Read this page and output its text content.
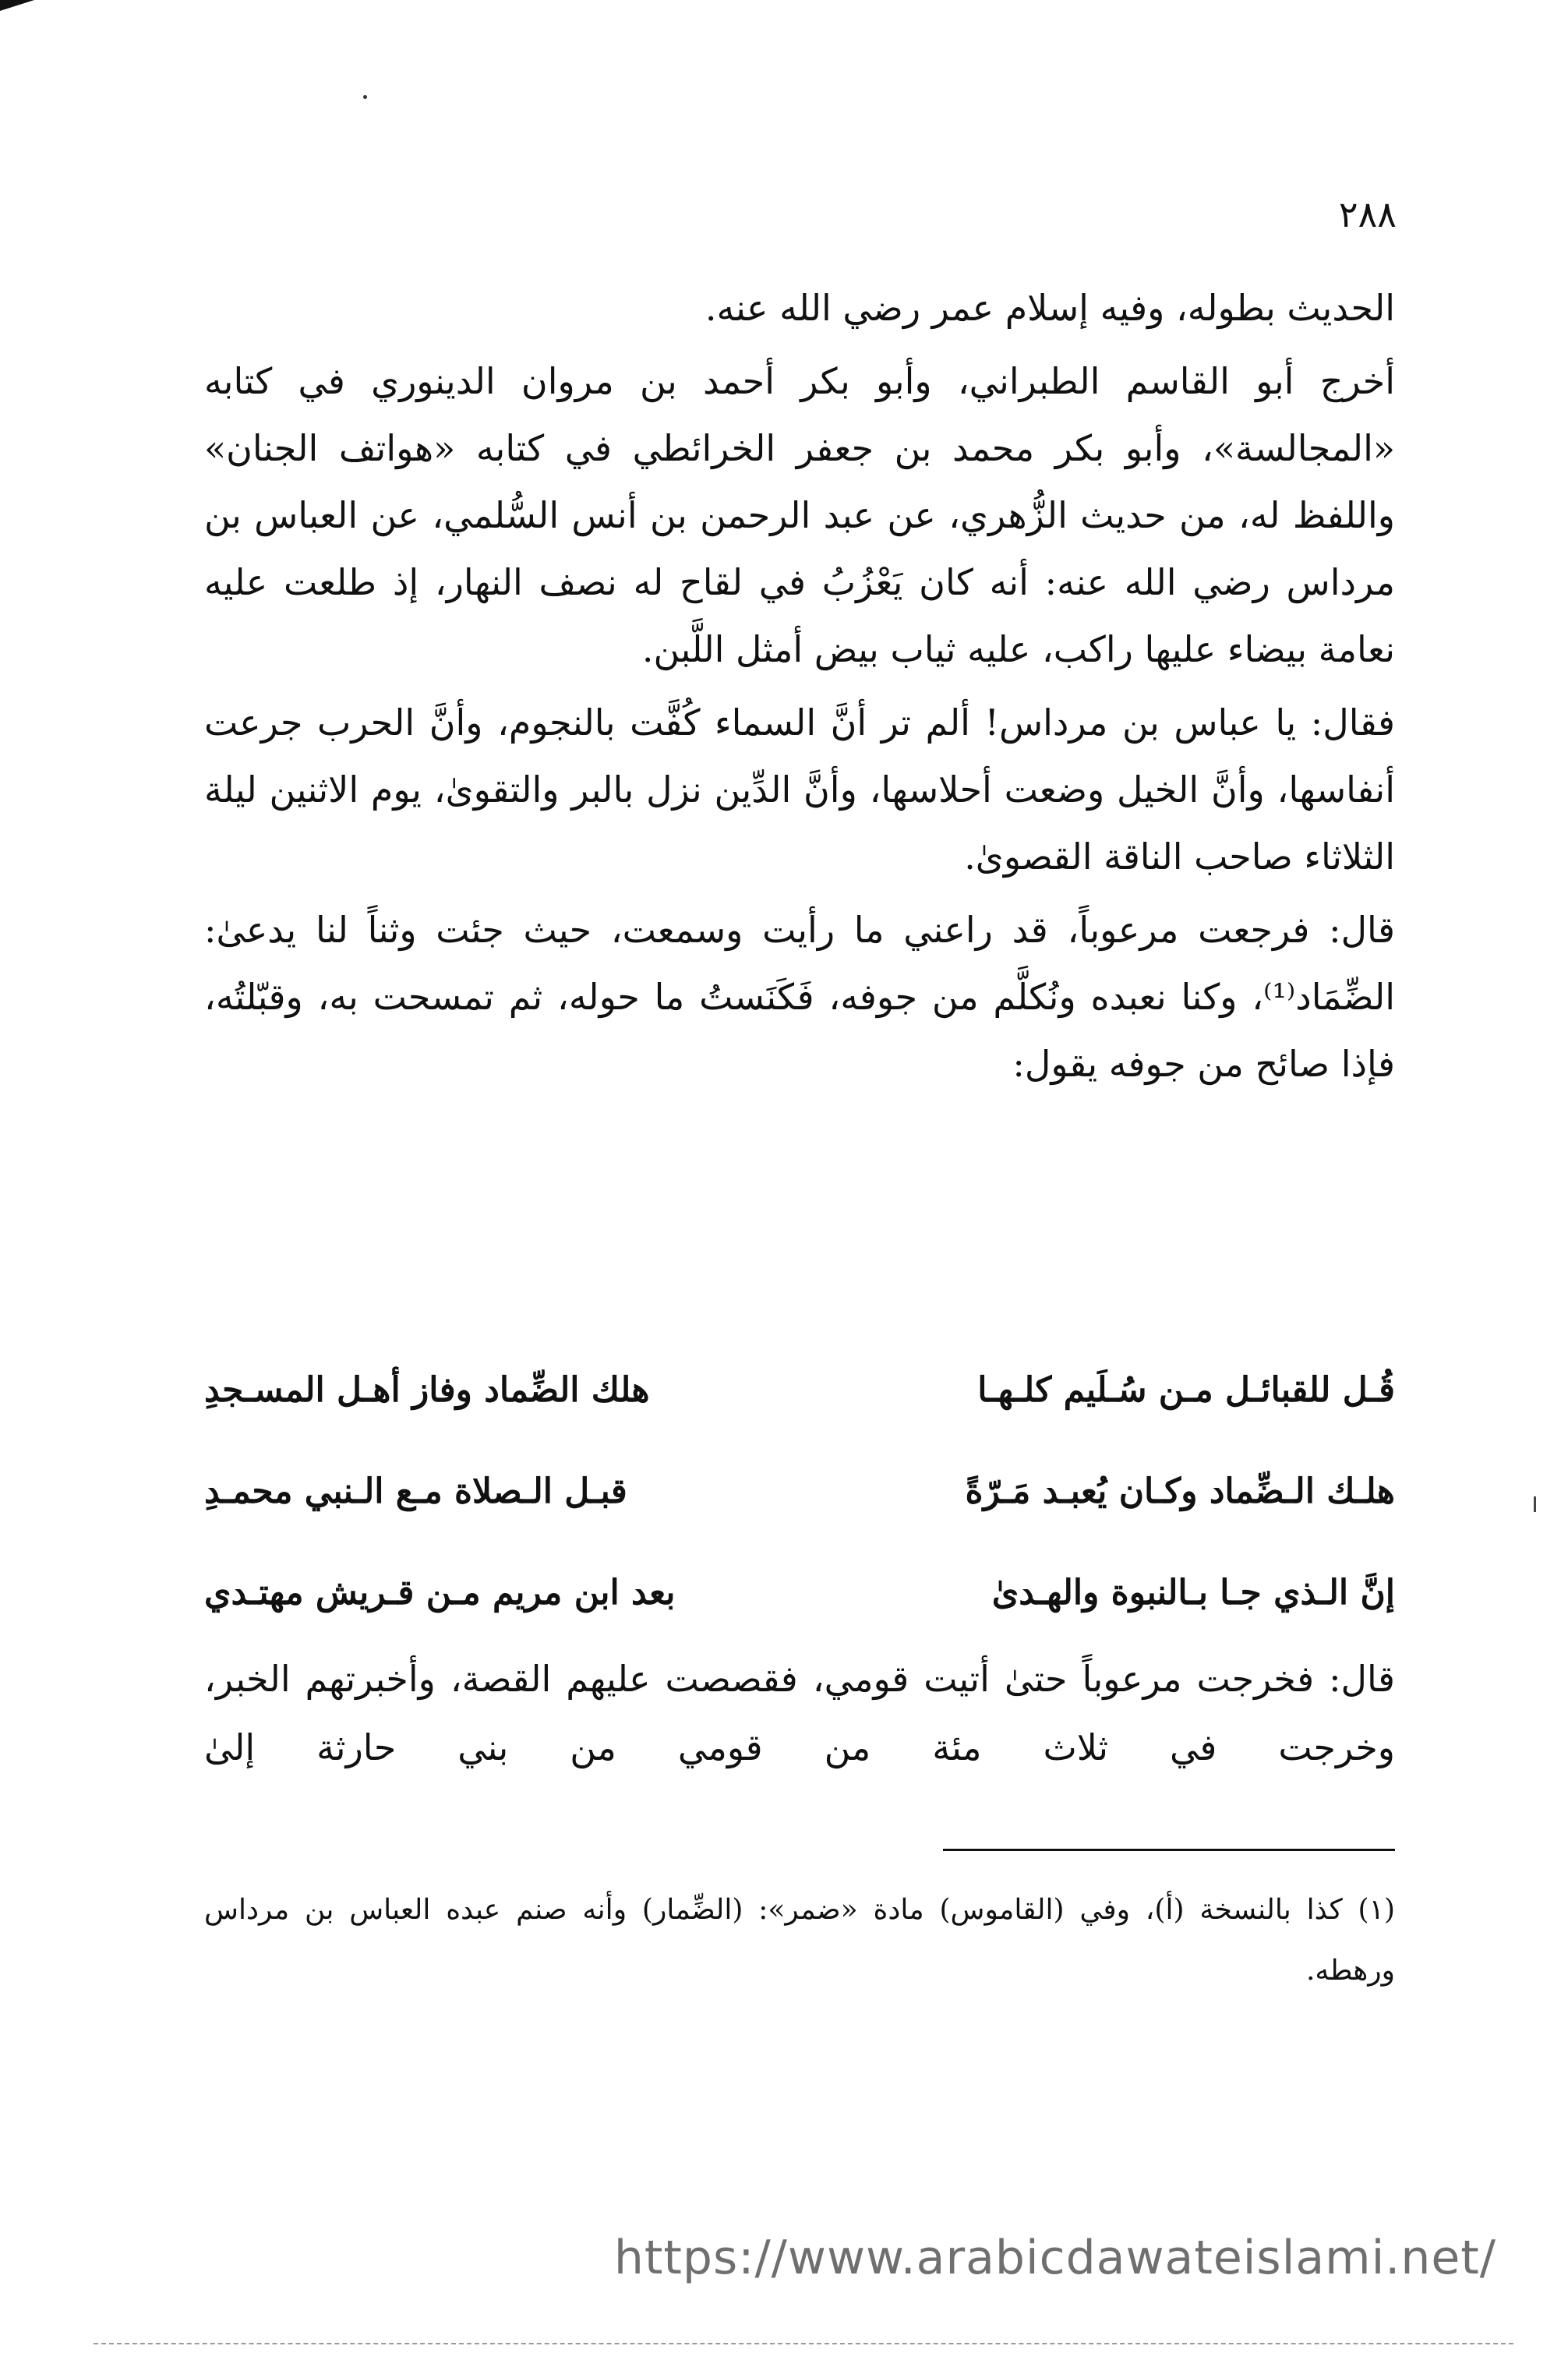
٢٨٨

الحديث بطوله، وفيه إسلام عمر رضي الله عنه.

أخرج أبو القاسم الطبراني، وأبو بكر أحمد بن مروان الدينوري في كتابه «المجالسة»، وأبو بكر محمد بن جعفر الخرائطي في كتابه «هواتف الجنان» واللفظ له، من حديث الزُّهري، عن عبد الرحمن بن أنس السُّلمي، عن العباس بن مرداس رضي الله عنه: أنه كان يَعْزُبُ في لقاح له نصف النهار، إذ طلعت عليه نعامة بيضاء عليها راكب، عليه ثياب بيض أمثل اللَّبن.

فقال: يا عباس بن مرداس! ألم تر أنَّ السماء كُفَّت بالنجوم، وأنَّ الحرب جرعت أنفاسها، وأنَّ الخيل وضعت أحلاسها، وأنَّ الدِّين نزل بالبر والتقوىٰ، يوم الاثنين ليلة الثلاثاء صاحب الناقة القصوىٰ.

قال: فرجعت مرعوباً، قد راعني ما رأيت وسمعت، حيث جئت وثناً لنا يدعىٰ: الضِّمَاد⁽¹⁾، وكنا نعبده ونُكلَّم من جوفه، فَكَنَستُ ما حوله، ثم تمسحت به، وقبّلتُه، فإذا صائح من جوفه يقول:

قُـل للقبائـل مـن سُـلَيم كلـهـا
هلك الضِّماد وفاز أهـل المسـجدِ
هلـك الـضِّماد وكـان يُعبـد مَـرّةً
قبـل الـصلاة مـع الـنبي محمـدِ
إنَّ الـذي جـا بـالنبوة والهـدىٰ
بعد ابن مريم مـن قـريش مهتـدي
قال: فخرجت مرعوباً حتىٰ أتيت قومي، فقصصت عليهم القصة، وأخبرتهم الخبر، وخرجت في ثلاث مئة من قومي من بني حارثة إلىٰ
(١) كذا بالنسخة (أ)، وفي (القاموس) مادة «ضمر»: (الضِّمار) وأنه صنم عبده العباس بن مرداس ورهطه.
https://www.arabicdawateislami.net/
